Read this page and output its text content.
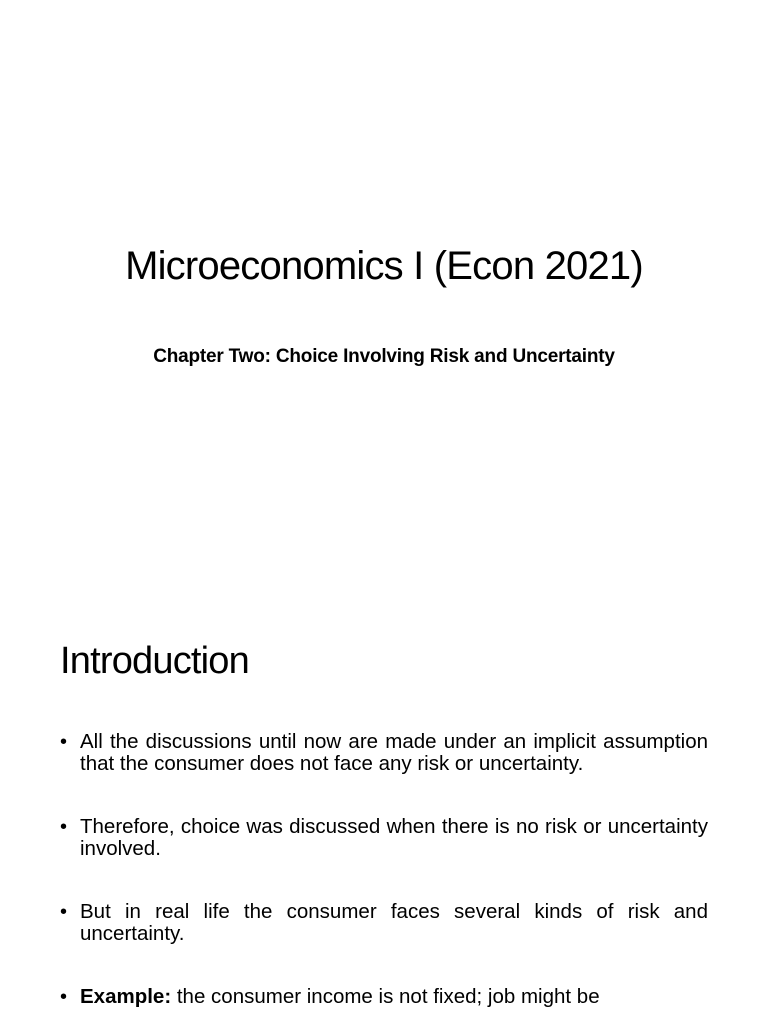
Microeconomics I (Econ 2021)
Chapter Two: Choice Involving Risk and Uncertainty
Introduction
• All the discussions until now are made under an implicit assumption that the consumer does not face any risk or uncertainty.
• Therefore, choice was discussed when there is no risk or uncertainty involved.
• But in real life the consumer faces several kinds of risk and uncertainty.
• Example: the consumer income is not fixed; job might be
